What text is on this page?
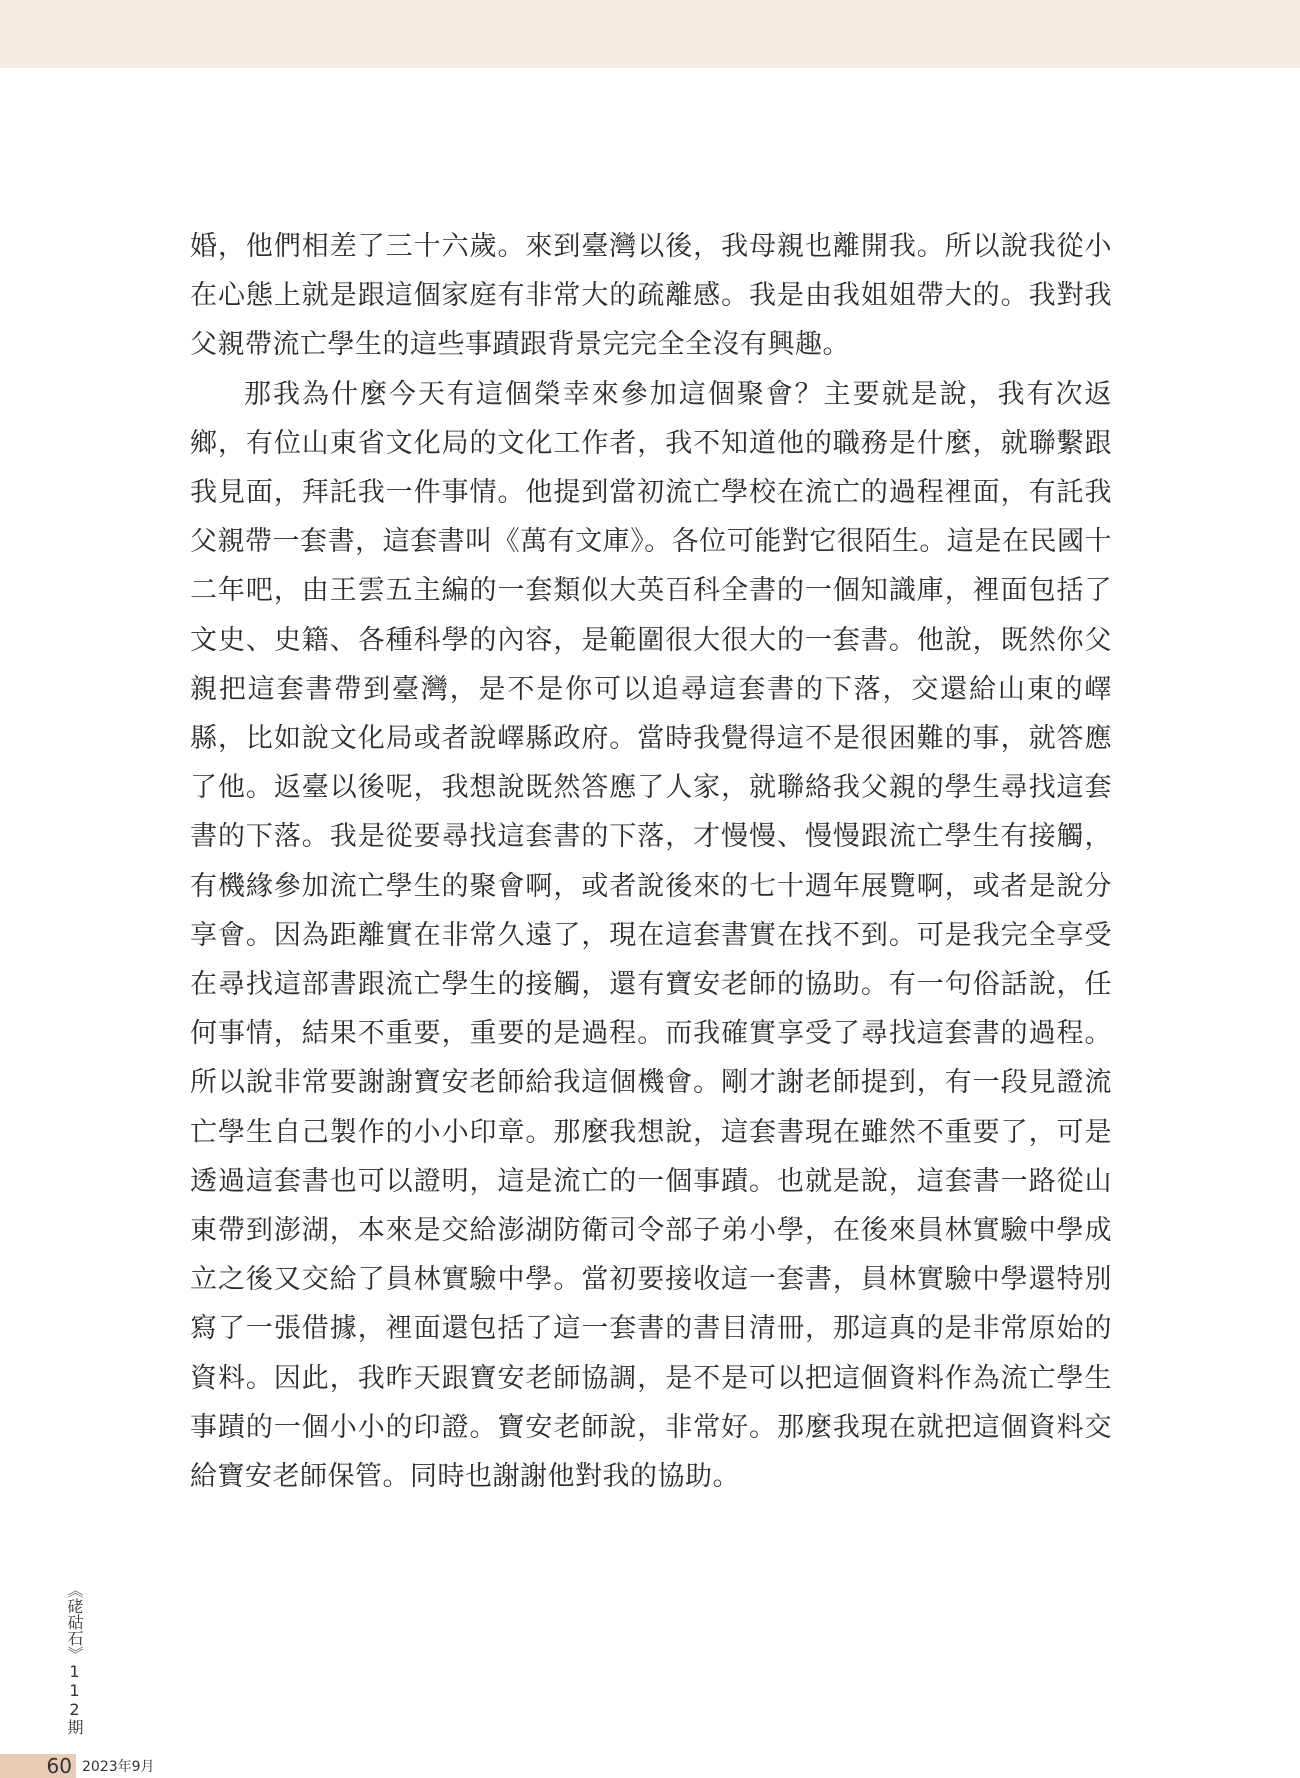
婚，他們相差了三十六歲。來到臺灣以後，我母親也離開我。所以說我從小在心態上就是跟這個家庭有非常大的疏離感。我是由我姐姐帶大的。我對我父親帶流亡學生的這些事蹟跟背景完完全全沒有興趣。

那我為什麼今天有這個榮幸來參加這個聚會？主要就是說，我有次返鄉，有位山東省文化局的文化工作者，我不知道他的職務是什麼，就聯繫跟我見面，拜託我一件事情。他提到當初流亡學校在流亡的過程裡面，有託我父親帶一套書，這套書叫《萬有文庫》。各位可能對它很陌生。這是在民國十二年吧，由王雲五主編的一套類似大英百科全書的一個知識庫，裡面包括了文史、史籍、各種科學的內容，是範圍很大很大的一套書。他說，既然你父親把這套書帶到臺灣，是不是你可以追尋這套書的下落，交還給山東的嶧縣，比如說文化局或者說嶧縣政府。當時我覺得這不是很困難的事，就答應了他。返臺以後呢，我想說既然答應了人家，就聯絡我父親的學生尋找這套書的下落。我是從要尋找這套書的下落，才慢慢、慢慢跟流亡學生有接觸，有機緣參加流亡學生的聚會啊，或者說後來的七十週年展覽啊，或者是說分享會。因為距離實在非常久遠了，現在這套書實在找不到。可是我完全享受在尋找這部書跟流亡學生的接觸，還有寶安老師的協助。有一句俗話說，任何事情，結果不重要，重要的是過程。而我確實享受了尋找這套書的過程。所以說非常要謝謝寶安老師給我這個機會。剛才謝老師提到，有一段見證流亡學生自己製作的小小印章。那麼我想說，這套書現在雖然不重要了，可是透過這套書也可以證明，這是流亡的一個事蹟。也就是說，這套書一路從山東帶到澎湖，本來是交給澎湖防衛司令部子弟小學，在後來員林實驗中學成立之後又交給了員林實驗中學。當初要接收這一套書，員林實驗中學還特別寫了一張借據，裡面還包括了這一套書的書目清冊，那這真的是非常原始的資料。因此，我昨天跟寶安老師協調，是不是可以把這個資料作為流亡學生事蹟的一個小小的印證。寶安老師說，非常好。那麼我現在就把這個資料交給寶安老師保管。同時也謝謝他對我的協助。

《硓𥑮石》112期
60 2023年9月
